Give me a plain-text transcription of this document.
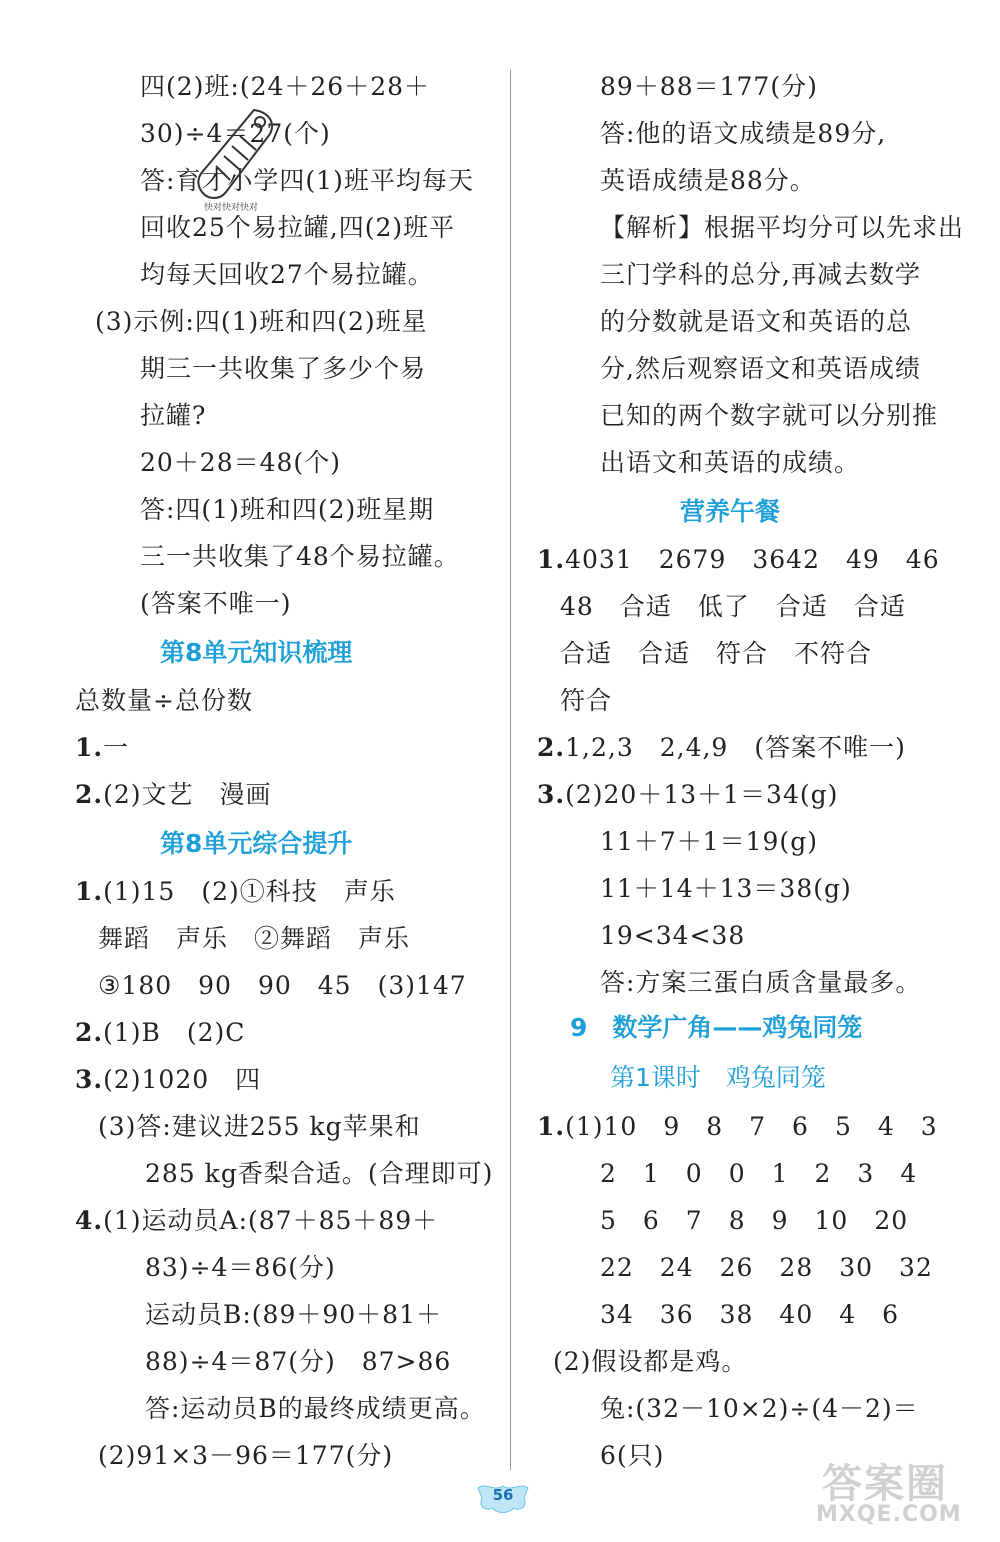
四(2)班:(24＋26＋28＋
30)÷4＝27(个)
答:育才小学四(1)班平均每天
回收25个易拉罐,四(2)班平
均每天回收27个易拉罐。
(3)示例:四(1)班和四(2)班星
期三一共收集了多少个易
拉罐?
20＋28＝48(个)
答:四(1)班和四(2)班星期
三一共收集了48个易拉罐。
(答案不唯一)
第8单元知识梳理
总数量÷总份数
1.一
2.(2)文艺　漫画
第8单元综合提升
1.(1)15　(2)①科技　声乐
舞蹈　声乐　②舞蹈　声乐
③180　90　90　45　(3)147
2.(1)B　(2)C
3.(2)1020　四
(3)答:建议进255 kg苹果和
285 kg香梨合适。(合理即可)
4.(1)运动员A:(87＋85＋89＋
83)÷4＝86(分)
运动员B:(89＋90＋81＋
88)÷4＝87(分)　87>86
答:运动员B的最终成绩更高。
(2)91×3－96＝177(分)
快对快对快对
89＋88＝177(分)
答:他的语文成绩是89分,
英语成绩是88分。
【解析】根据平均分可以先求出
三门学科的总分,再减去数学
的分数就是语文和英语的总
分,然后观察语文和英语成绩
已知的两个数字就可以分别推
出语文和英语的成绩。
营养午餐
1.4031　2679　3642　49　46
48　合适　低了　合适　合适
合适　合适　符合　不符合
符合
2.1,2,3　2,4,9　(答案不唯一)
3.(2)20＋13＋1＝34(g)
11＋7＋1＝19(g)
11＋14＋13＝38(g)
19<34<38
答:方案三蛋白质含量最多。
9　数学广角——鸡兔同笼
第1课时　鸡兔同笼
1.(1)10　9　8　7　6　5　4　3
2　1　0　0　1　2　3　4
5　6　7　8　9　10　20
22　24　26　28　30　32
34　36　38　40　4　6
(2)假设都是鸡。
兔:(32－10×2)÷(4－2)＝
6(只)
56	答案圈
MXQE.COM
